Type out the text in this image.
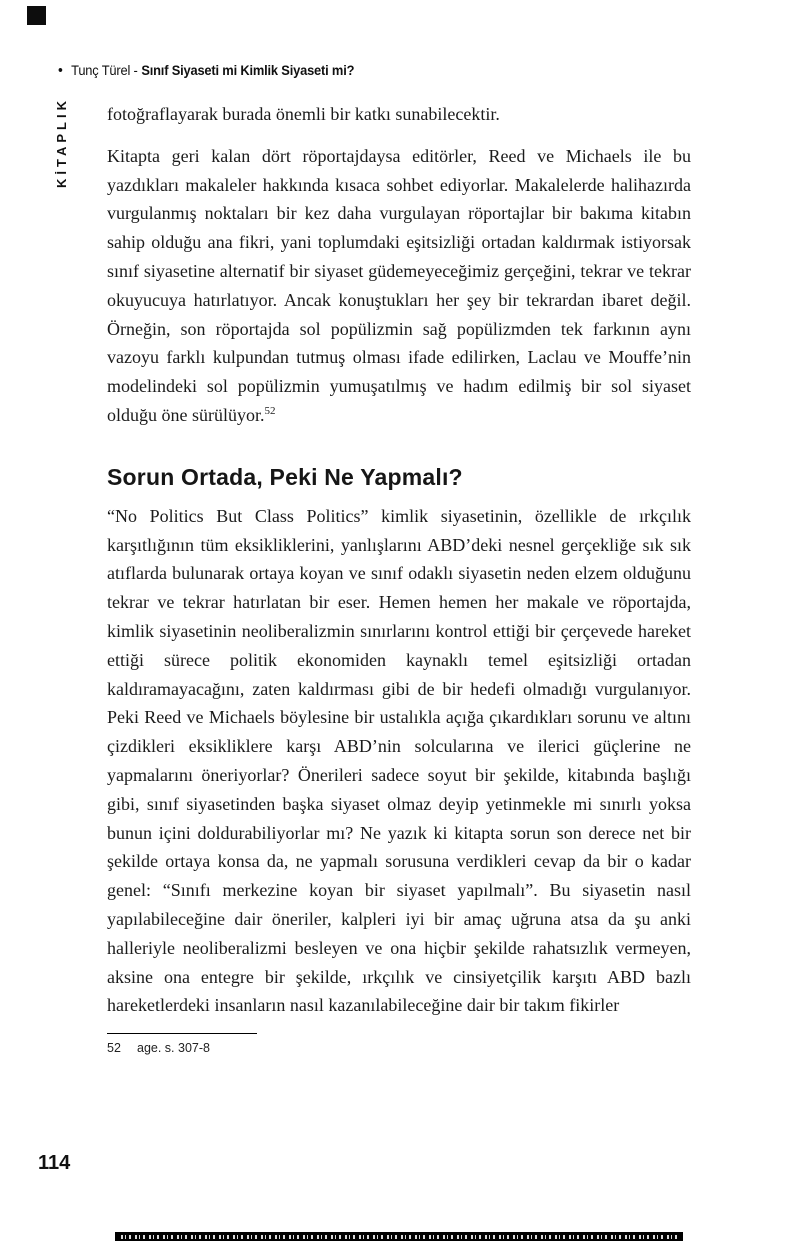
• Tunç Türel - Sınıf Siyaseti mi Kimlik Siyaseti mi?
KİTAPLIK fotoğraflayarak burada önemli bir katkı sunabilecektir.

Kitapta geri kalan dört röportajdaysa editörler, Reed ve Michaels ile bu yazdıkları makaleler hakkında kısaca sohbet ediyorlar. Makalelerde halihazırda vurgulanmış noktaları bir kez daha vurgulayan röportajlar bir bakıma kitabın sahip olduğu ana fikri, yani toplumdaki eşitsizliği ortadan kaldırmak istiyorsak sınıf siyasetine alternatif bir siyaset güdemeyeceğimiz gerçeğini, tekrar ve tekrar okuyucuya hatırlatıyor. Ancak konuştukları her şey bir tekrardan ibaret değil. Örneğin, son röportajda sol popülizmin sağ popülizmden tek farkının aynı vazoyu farklı kulpundan tutmuş olması ifade edilirken, Laclau ve Mouffe’nin modelindeki sol popülizmin yumuşatılmış ve hadım edilmiş bir sol siyaset olduğu öne sürülüyor.$^{52}$

Sorun Ortada, Peki Ne Yapmalı?

“No Politics But Class Politics” kimlik siyasetinin, özellikle de ırkçılık karşıtlığının tüm eksikliklerini, yanlışlarını ABD’deki nesnel gerçekliğe sık sık atıflarda bulunarak ortaya koyan ve sınıf odaklı siyasetin neden elzem olduğunu tekrar ve tekrar hatırlatan bir eser. Hemen hemen her makale ve röportajda, kimlik siyasetinin neoliberalizmin sınırlarını kontrol ettiği bir çerçevede hareket ettiği sürece politik ekonomiden kaynaklı temel eşitsizliği ortadan kaldıramayacağını, zaten kaldırması gibi de bir hedefi olmadığı vurgulanıyor. Peki Reed ve Michaels böylesine bir ustalıkla açığa çıkardıkları sorunu ve altını çizdikleri eksikliklere karşı ABD’nin solcularına ve ilerici güçlerine ne yapmalarını öneriyorlar? Önerileri sadece soyut bir şekilde, kitabında başlığı gibi, sınıf siyasetinden başka siyaset olmaz deyip yetinmekle mi sınırlı yoksa bunun içini doldurabiliyorlar mı? Ne yazık ki kitapta sorun son derece net bir şekilde ortaya konsa da, ne yapmalı sorusuna verdikleri cevap da bir o kadar genel: “Sınıfı merkezine koyan bir siyaset yapılmalı”. Bu siyasetin nasıl yapılabileceğine dair öneriler, kalpleri iyi bir amaç uğruna atsa da şu anki halleriyle neoliberalizmi besleyen ve ona hiçbir şekilde rahatsızlık vermeyen, aksine ona entegre bir şekilde, ırkçılık ve cinsiyetçilik karşıtı ABD bazlı hareketlerdeki insanların nasıl kazanılabileceğine dair bir takım fikirler

52 age. s. 307-8
114
